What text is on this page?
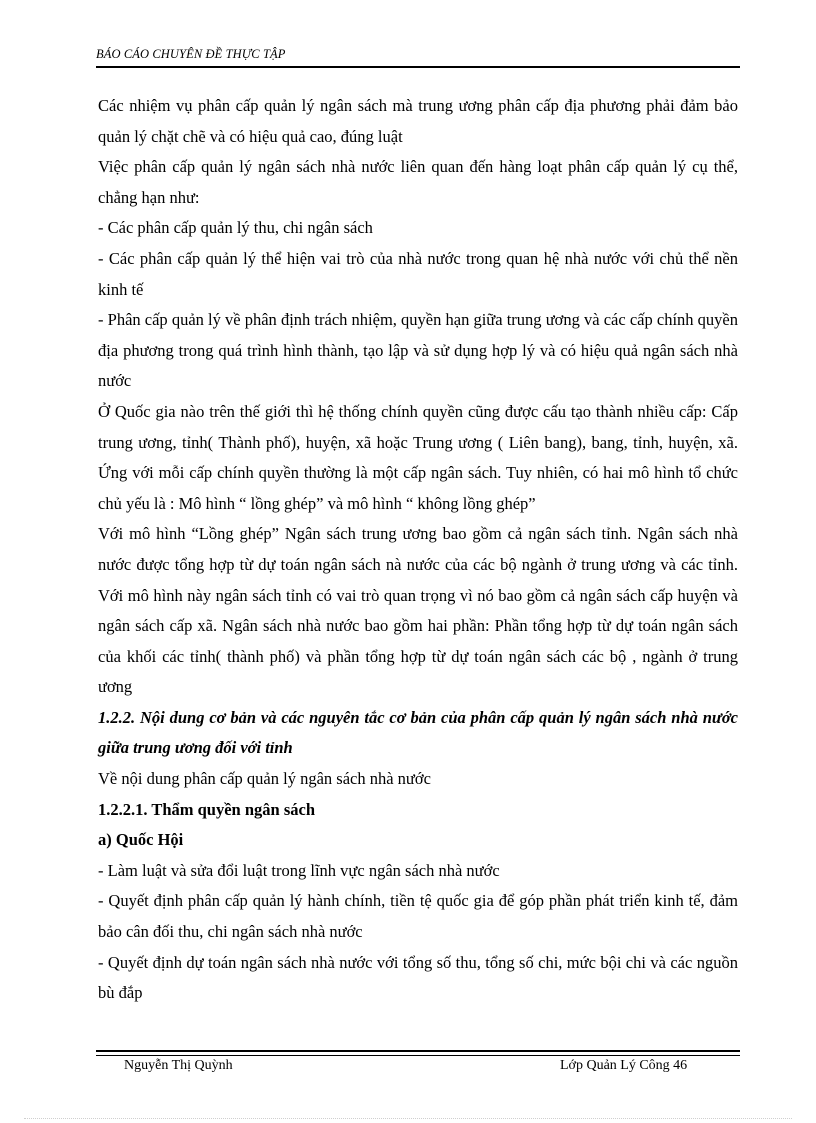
BÁO CÁO CHUYÊN ĐỀ THỰC TẬP

Các nhiệm vụ phân cấp quản lý ngân sách mà trung ương phân cấp địa phương phải đảm bảo quản lý chặt chẽ và có hiệu quả cao, đúng luật

Việc phân cấp quản lý ngân sách nhà nước liên quan đến hàng loạt phân cấp quản lý cụ thể, chẳng hạn như:

- Các phân cấp quản lý thu, chi ngân sách

- Các phân cấp quản lý thể hiện vai trò của nhà nước trong quan hệ nhà nước với chủ thể nền kinh tế

- Phân cấp quản lý về phân định trách nhiệm, quyền hạn giữa trung ương và các cấp chính quyền địa phương trong quá trình hình thành, tạo lập và sử dụng hợp lý và có hiệu quả ngân sách nhà nước

Ở Quốc gia nào trên thế giới thì hệ thống chính quyền cũng được cấu tạo thành nhiều cấp: Cấp trung ương, tỉnh( Thành phố), huyện, xã hoặc Trung ương ( Liên bang), bang, tỉnh, huyện, xã. Ứng với mỗi cấp chính quyền thường là một cấp ngân sách. Tuy nhiên, có hai mô hình tổ chức chủ yếu là : Mô hình “ lồng ghép” và mô hình “ không lồng ghép”

Với mô hình “Lồng ghép” Ngân sách trung ương bao gồm cả ngân sách tỉnh. Ngân sách nhà nước được tổng hợp từ dự toán ngân sách nà nước của các bộ ngành ở trung ương và các tỉnh. Với mô hình này ngân sách tỉnh có vai trò quan trọng vì nó bao gồm cả ngân sách cấp huyện và ngân sách cấp xã. Ngân sách nhà nước bao gồm hai phần: Phần tổng hợp từ dự toán ngân sách của khối các tỉnh( thành phố) và phần tổng hợp từ dự toán ngân sách các bộ , ngành ở trung ương

1.2.2. Nội dung cơ bản và các nguyên tắc cơ bản của phân cấp quản lý ngân sách nhà nước giữa trung ương đối với tỉnh

Về nội dung phân cấp quản lý ngân sách nhà nước

1.2.2.1. Thẩm quyền ngân sách

a) Quốc Hội

- Làm luật và sửa đổi luật trong lĩnh vực ngân sách nhà nước

- Quyết định phân cấp quản lý hành chính, tiền tệ quốc gia để góp phần phát triển kinh tế, đảm bảo cân đối thu, chi ngân sách nhà nước

- Quyết định dự toán ngân sách nhà nước với tổng số thu, tổng số chi, mức bội chi và các nguồn bù đắp

Nguyễn Thị Quỳnh	Lớp Quản Lý Công 46
